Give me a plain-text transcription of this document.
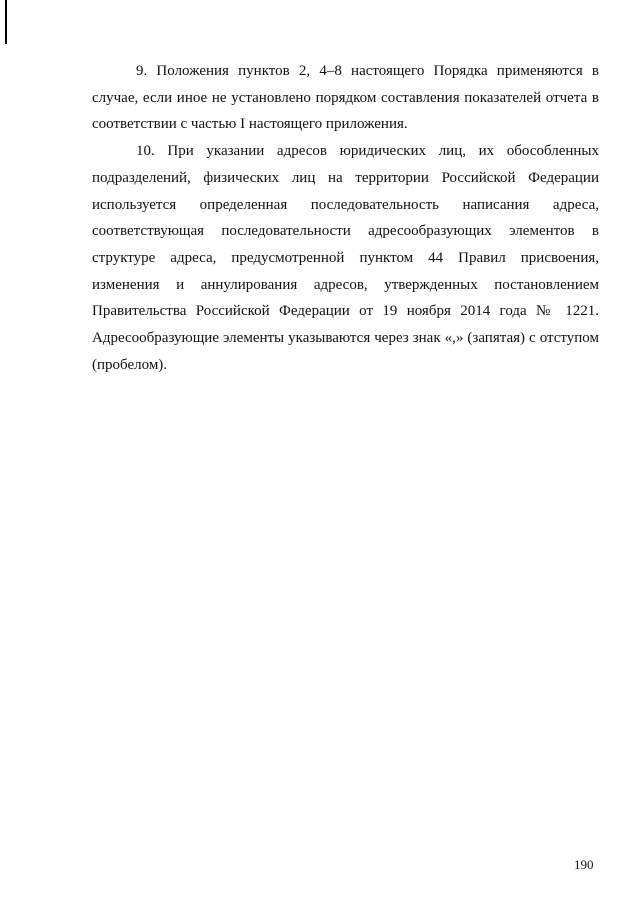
9. Положения пунктов 2, 4–8 настоящего Порядка применяются в случае, если иное не установлено порядком составления показателей отчета в соответствии с частью I настоящего приложения.

10. При указании адресов юридических лиц, их обособленных подразделений, физических лиц на территории Российской Федерации используется определенная последовательность написания адреса, соответствующая последовательности адресообразующих элементов в структуре адреса, предусмотренной пунктом 44 Правил присвоения, изменения и аннулирования адресов, утвержденных постановлением Правительства Российской Федерации от 19 ноября 2014 года № 1221. Адресообразующие элементы указываются через знак «,» (запятая) с отступом (пробелом).

190
